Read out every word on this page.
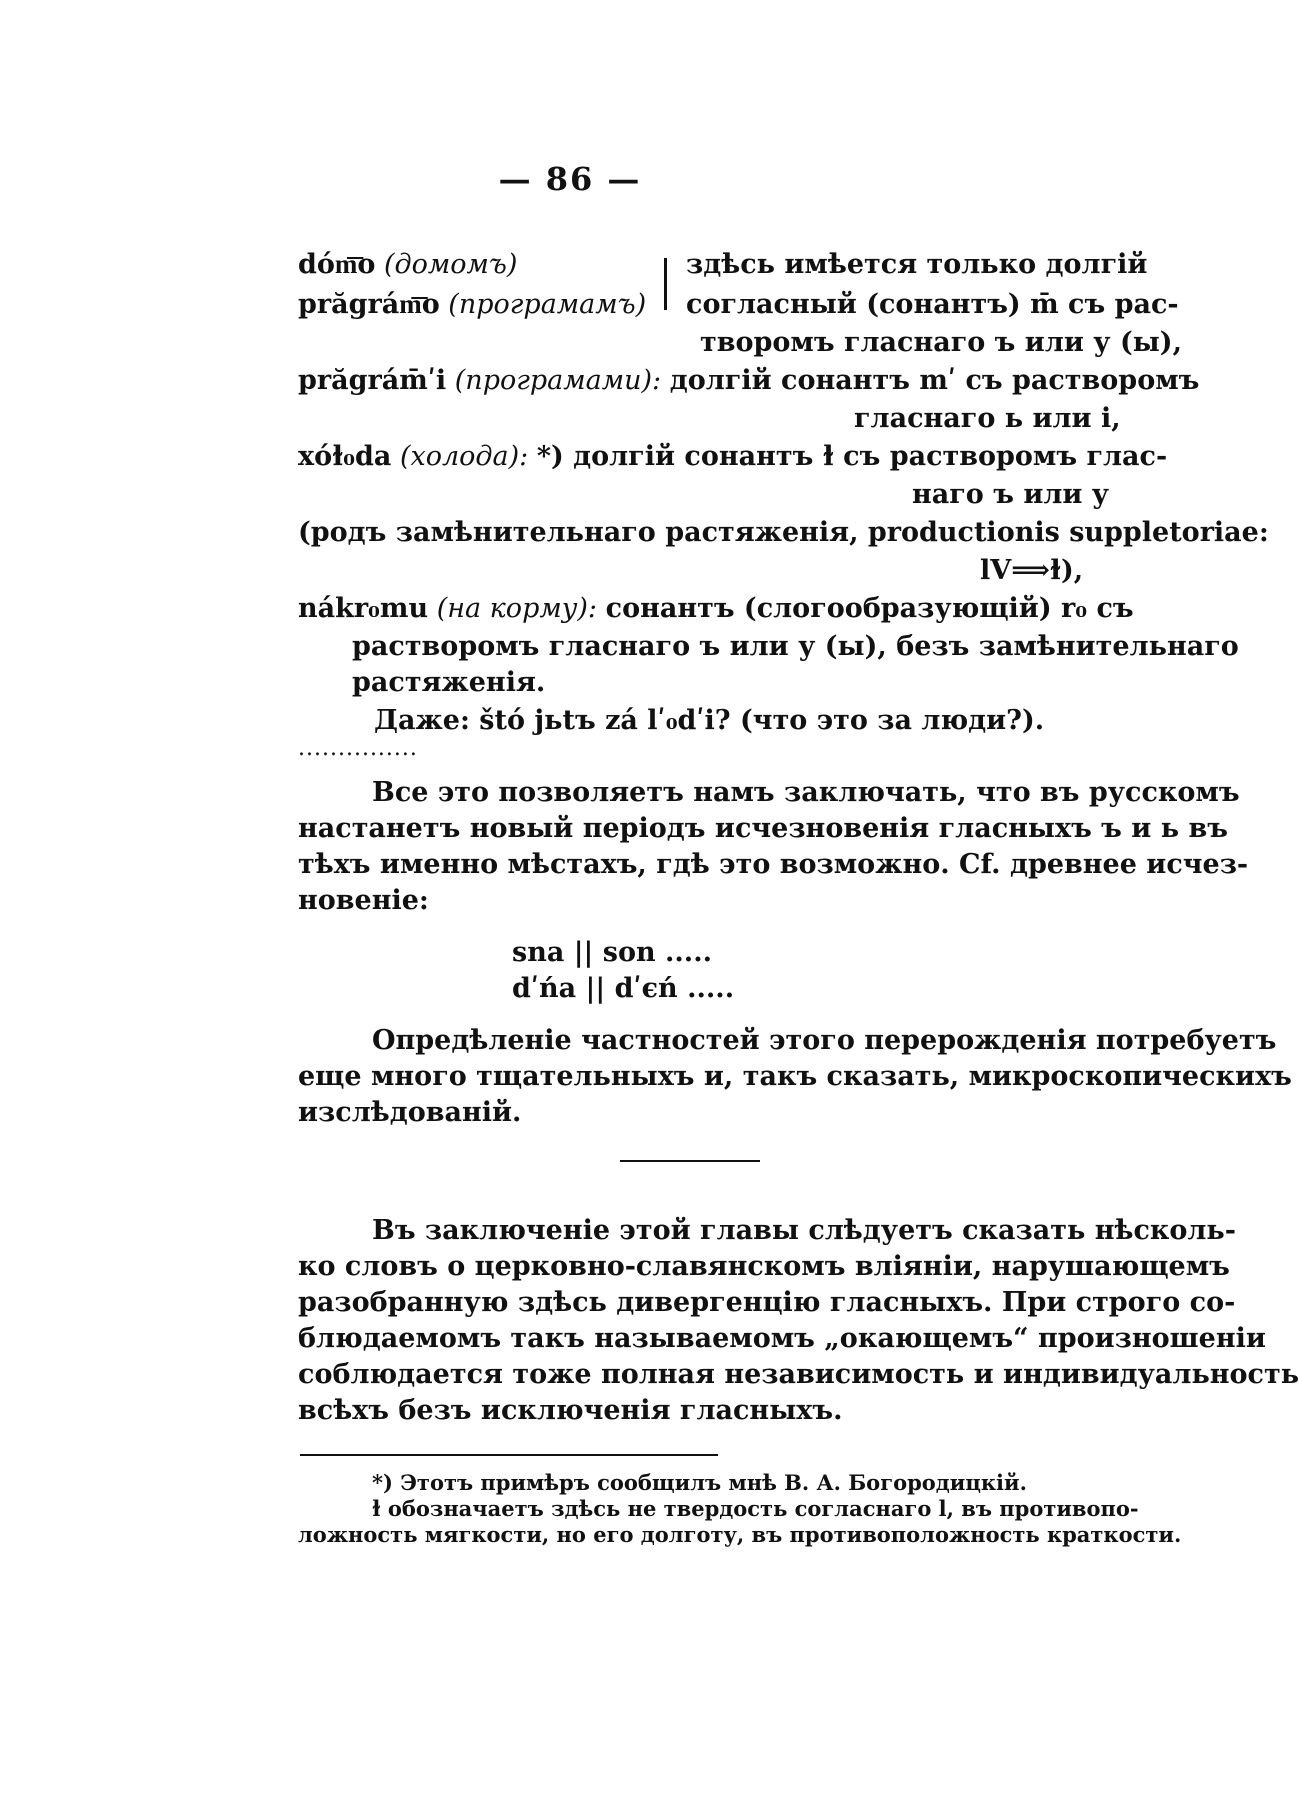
— 86 —
dóm͞o (домомъ)	здѣсь имѣется только долгій
prăgrám͞o (програмамъ) согласный (сонантъ) m̄ съ рас-
творомъ гласнаго ъ или у (ы),
prăgrám̄ʹi (програмами): долгій сонантъ mʹ съ растворомъ
гласнаго ь или і,
xóɫ₀da (холода): *) долгій сонантъ ɫ съ растворомъ глас-
наго ъ или у
(родъ замѣнительнаго растяженія, productionis suppletoriae:
lV⟹ɫ),
nákr₀mu (на корму): сонантъ (слогообразующій) r₀ съ
растворомъ гласнаго ъ или у (ы), безъ замѣнительнаго
растяженія.
Даже: štó jьtъ zá lʹ₀dʹi? (что это за люди?).
...............
Все это позволяетъ намъ заключать, что въ русскомъ
настанетъ новый періодъ исчезновенія гласныхъ ъ и ь въ
тѣхъ именно мѣстахъ, гдѣ это возможно. Cf. древнее исчез-
новеніе:
sna || son .....
dʹńa || dʹєń .....
Опредѣленіе частностей этого перерожденія потребуетъ
еще много тщательныхъ и, такъ сказать, микроскопическихъ
изслѣдованій.
Въ заключеніе этой главы слѣдуетъ сказать нѣсколь-
ко словъ о церковно-славянскомъ вліяніи, нарушающемъ
разобранную здѣсь дивергенцію гласныхъ. При строго со-
блюдаемомъ такъ называемомъ „окающемъ“ произношеніи
соблюдается тоже полная независимость и индивидуальность
всѣхъ безъ исключенія гласныхъ.
*) Этотъ примѣръ сообщилъ мнѣ В. А. Богородицкій.
ɫ обозначаетъ здѣсь не твердость согласнаго l, въ противопо-
ложность мягкости, но его долготу, въ противоположность краткости.
